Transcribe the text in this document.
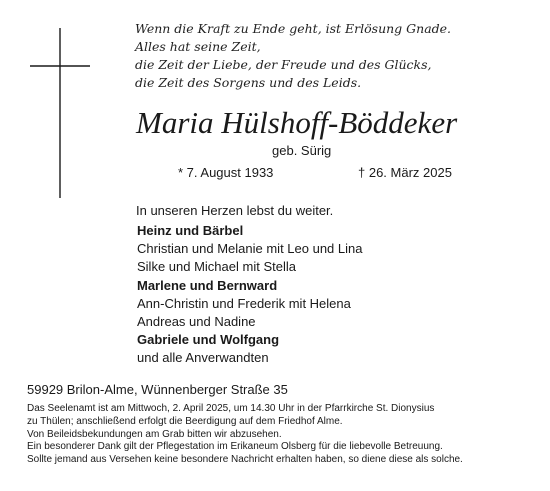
Wenn die Kraft zu Ende geht, ist Erlösung Gnade.
Alles hat seine Zeit,
die Zeit der Liebe, der Freude und des Glücks,
die Zeit des Sorgens und des Leids.
Maria Hülshoff-Böddeker
geb. Sürig
* 7. August 1933	† 26. März 2025
In unseren Herzen lebst du weiter.
Heinz und Bärbel
Christian und Melanie mit Leo und Lina
Silke und Michael mit Stella
Marlene und Bernward
Ann-Christin und Frederik mit Helena
Andreas und Nadine
Gabriele und Wolfgang
und alle Anverwandten
59929 Brilon-Alme, Wünnenberger Straße 35
Das Seelenamt ist am Mittwoch, 2. April 2025, um 14.30 Uhr in der Pfarrkirche St. Dionysius
zu Thülen; anschließend erfolgt die Beerdigung auf dem Friedhof Alme.
Von Beileidsbekundungen am Grab bitten wir abzusehen.
Ein besonderer Dank gilt der Pflegestation im Erikaneum Olsberg für die liebevolle Betreuung.
Sollte jemand aus Versehen keine besondere Nachricht erhalten haben, so diene diese als solche.
